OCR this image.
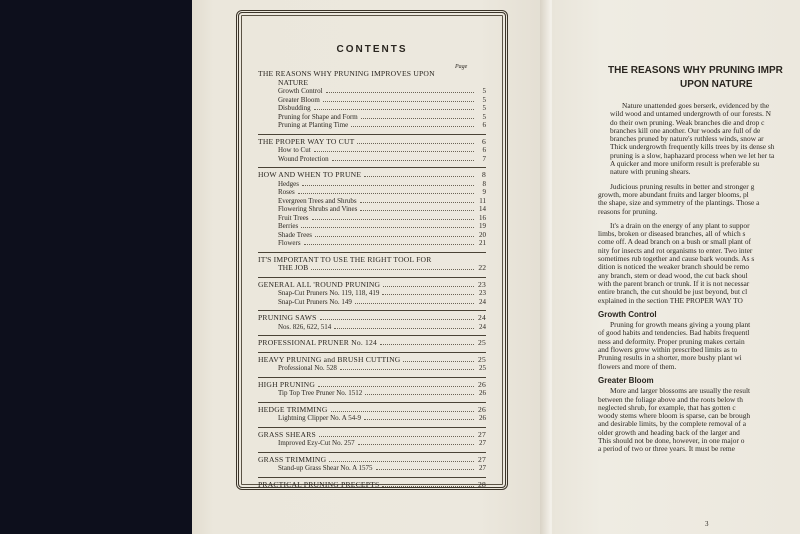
CONTENTS
Page
THE REASONS WHY PRUNING IMPROVES UPON
NATURE
Growth Control	5
Greater Bloom	5
Disbudding	5
Pruning for Shape and Form	5
Pruning at Planting Time	6
THE PROPER WAY TO CUT	6
How to Cut	6
Wound Protection	7
HOW AND WHEN TO PRUNE	8
Hedges	8
Roses	9
Evergreen Trees and Shrubs	11
Flowering Shrubs and Vines	14
Fruit Trees	16
Berries	19
Shade Trees	20
Flowers	21
IT'S IMPORTANT TO USE THE RIGHT TOOL FOR
THE JOB	22
GENERAL ALL 'ROUND PRUNING	23
Snap-Cut Pruners No. 119, 118, 419	23
Snap-Cut Pruners No. 149	24
PRUNING SAWS	24
Nos. 826, 622, 514	24
PROFESSIONAL PRUNER No. 124	25
HEAVY PRUNING and BRUSH CUTTING	25
Professional No. 528	25
HIGH PRUNING	26
Tip Top Tree Pruner No. 1512	26
HEDGE TRIMMING	26
Lightning Clipper No. A 54-9	26
GRASS SHEARS	27
Improved Ezy-Cut No. 257	27
GRASS TRIMMING	27
Stand-up Grass Shear No. A 1575	27
PRACTICAL PRUNING PRECEPTS	28
THE REASONS WHY PRUNING IMPR
UPON NATURE

Nature unattended goes berserk, evidenced by the
wild wood and untamed undergrowth of our forests. N
do their own pruning. Weak branches die and drop c
branches kill one another. Our woods are full of de
branches pruned by nature's ruthless winds, snow ar
Thick undergrowth frequently kills trees by its dense sh
pruning is a slow, haphazard process when we let her ta
A quicker and more uniform result is preferable su
nature with pruning shears.

Judicious pruning results in better and stronger g
growth, more abundant fruits and larger blooms, pl
the shape, size and symmetry of the plantings. Those a
reasons for pruning.

It's a drain on the energy of any plant to suppor
limbs, broken or diseased branches, all of which s
come off. A dead branch on a bush or small plant of
nity for insects and rot organisms to enter. Two inter
sometimes rub together and cause bark wounds. As s
dition is noticed the weaker branch should be remo
any branch, stem or dead wood, the cut back shoul
with the parent branch or trunk. If it is not necessar
entire branch, the cut should be just beyond, but cl
explained in the section THE PROPER WAY TO

Growth Control

Pruning for growth means giving a young plant
of good habits and tendencies. Bad habits frequentl
ness and deformity. Proper pruning makes certain
and flowers grow within prescribed limits as to
Pruning results in a shorter, more bushy plant wi
flowers and more of them.

Greater Bloom

More and larger blossoms are usually the result
between the foliage above and the roots below th
neglected shrub, for example, that has gotten c
woody stems where bloom is sparse, can be brough
and desirable limits, by the complete removal of a
older growth and heading back of the larger and
This should not be done, however, in one major o
a period of two or three years. It must be reme

3
